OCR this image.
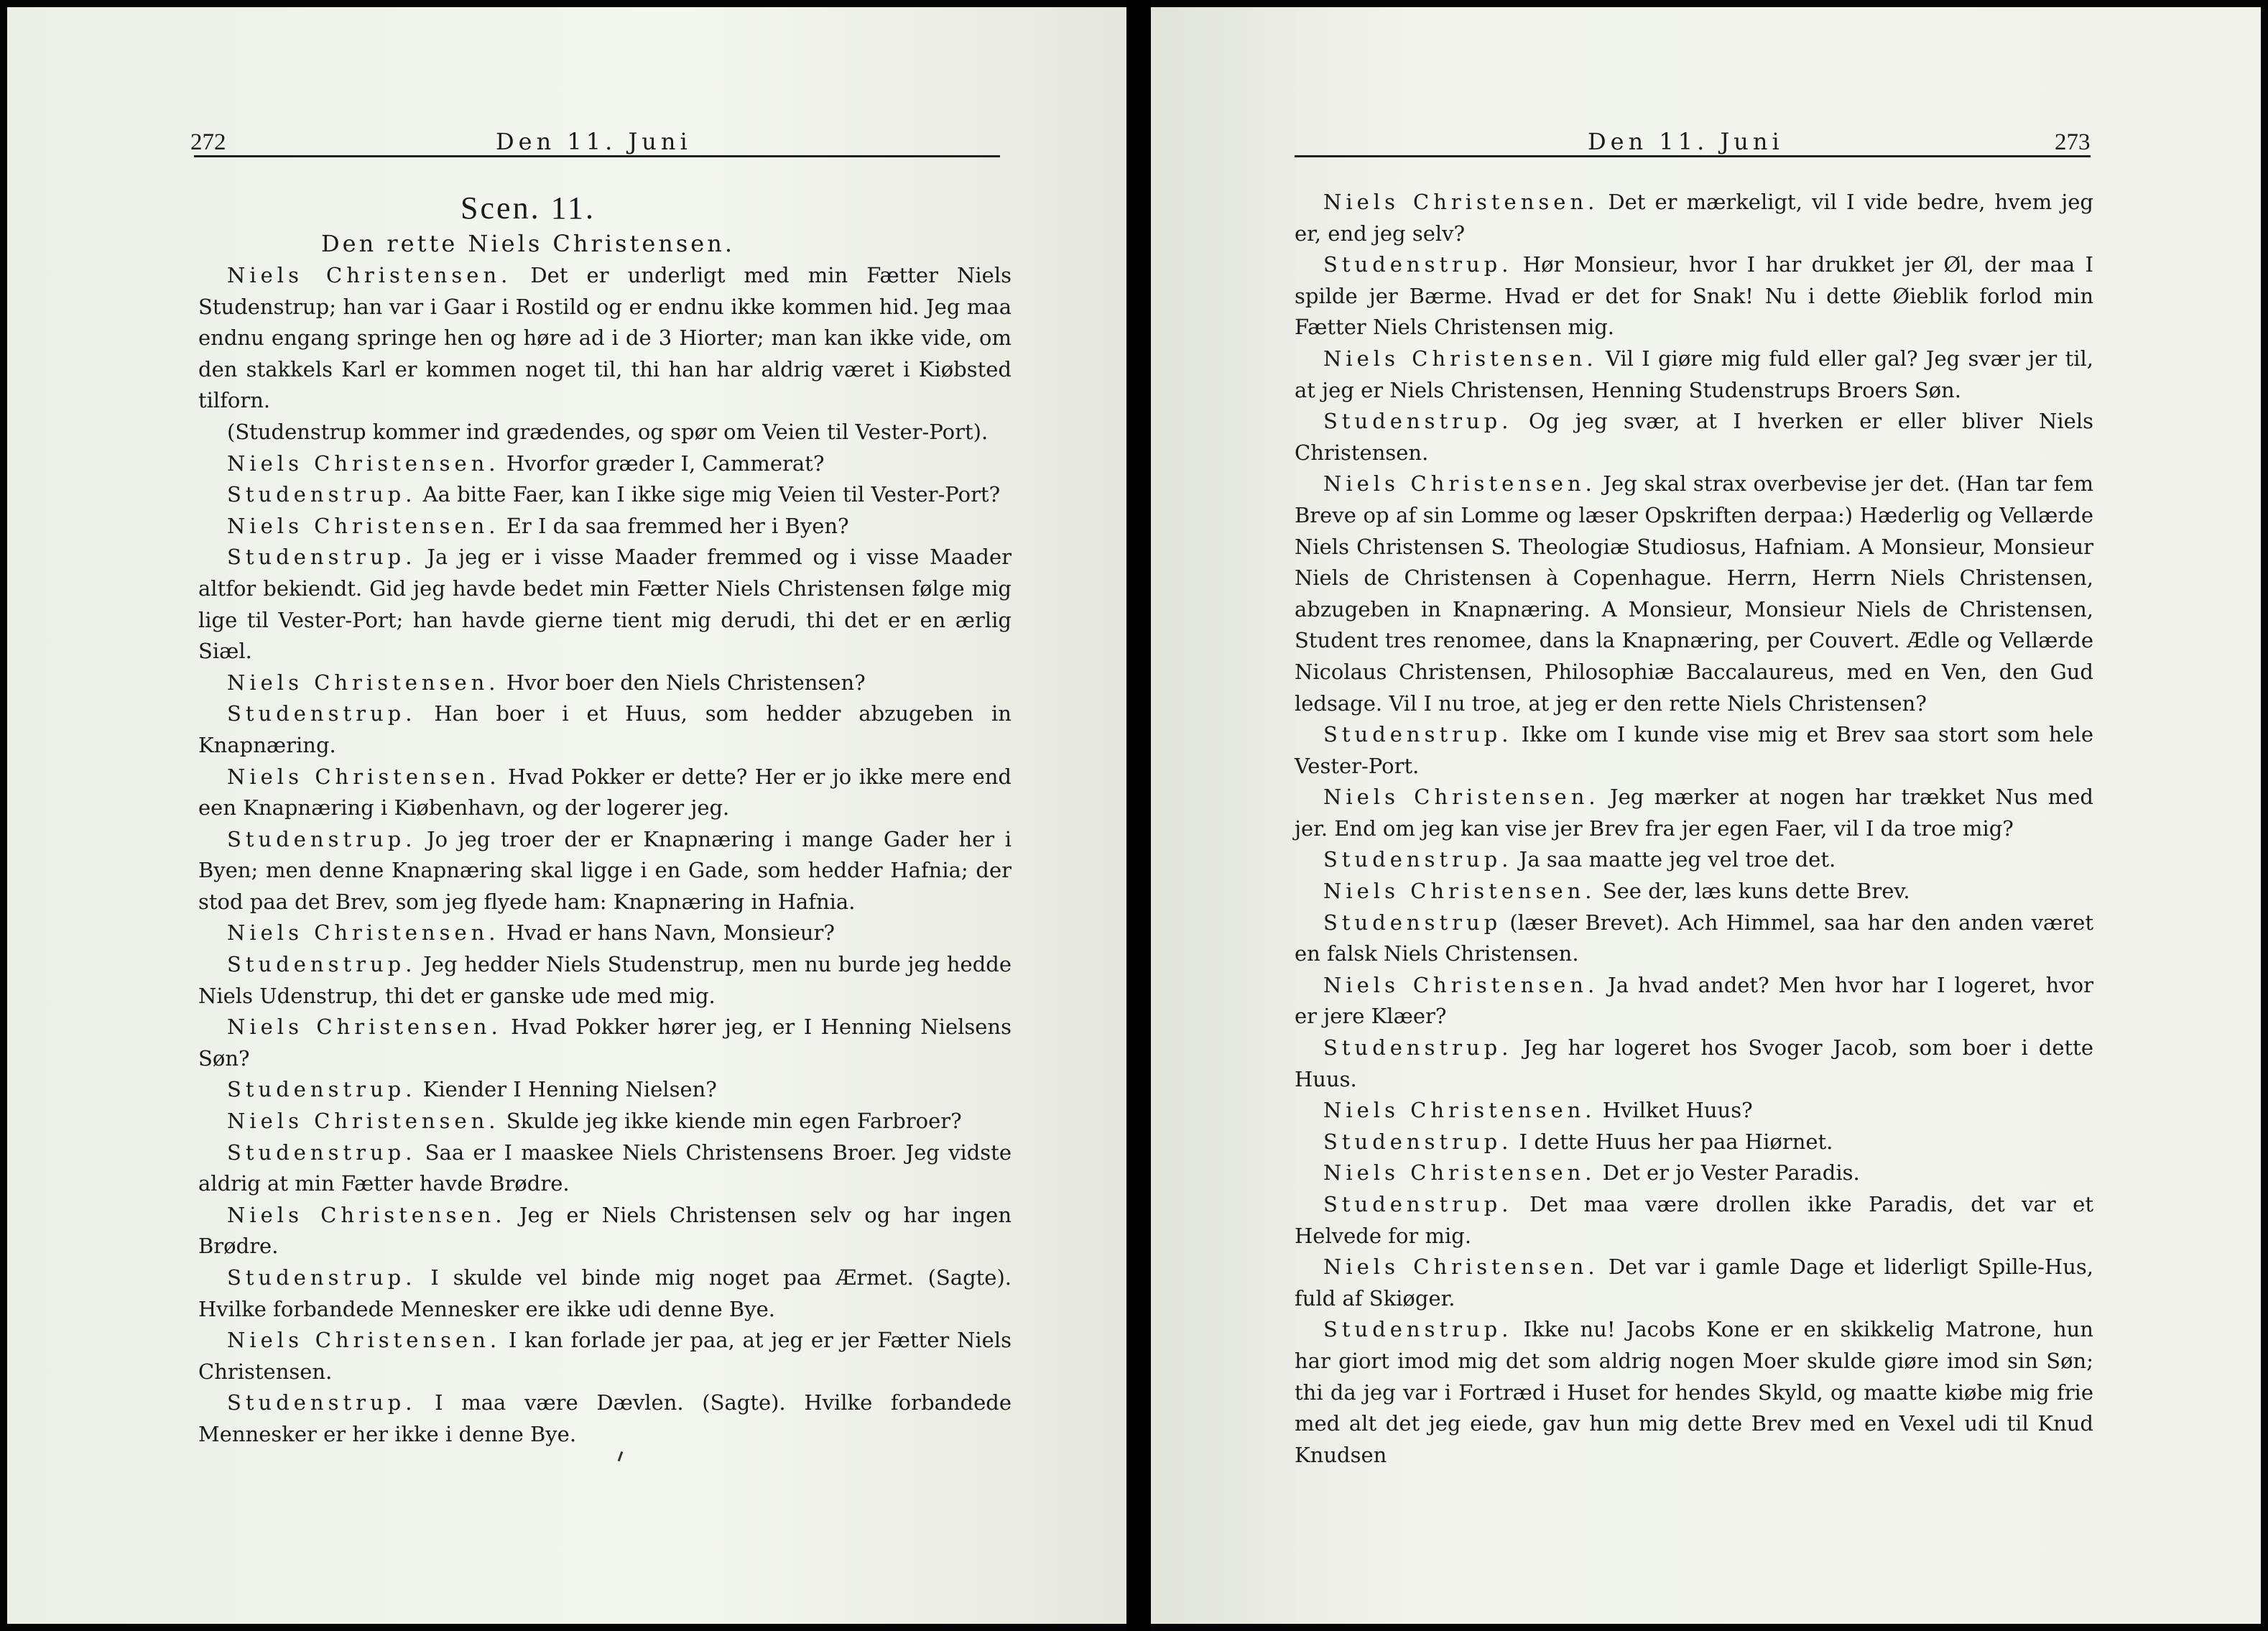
272	Den 11. Juni
Scen. 11.
Den rette Niels Christensen.

Niels Christensen. Det er underligt med min Fætter Niels Studenstrup; han var i Gaar i Rostild og er endnu ikke kommen hid. Jeg maa endnu engang springe hen og høre ad i de 3 Hiorter; man kan ikke vide, om den stakkels Karl er kommen noget til, thi han har aldrig været i Kiøbsted tilforn.

(Studenstrup kommer ind grædendes, og spør om Veien til Vester-Port).

Niels Christensen. Hvorfor græder I, Cammerat?

Studenstrup. Aa bitte Faer, kan I ikke sige mig Veien til Vester-Port?

Niels Christensen. Er I da saa fremmed her i Byen?

Studenstrup. Ja jeg er i visse Maader fremmed og i visse Maader altfor bekiendt. Gid jeg havde bedet min Fætter Niels Christensen følge mig lige til Vester-Port; han havde gierne tient mig derudi, thi det er en ærlig Siæl.

Niels Christensen. Hvor boer den Niels Christensen?

Studenstrup. Han boer i et Huus, som hedder abzugeben in Knapnæring.

Niels Christensen. Hvad Pokker er dette? Her er jo ikke mere end een Knapnæring i Kiøbenhavn, og der logerer jeg.

Studenstrup. Jo jeg troer der er Knapnæring i mange Gader her i Byen; men denne Knapnæring skal ligge i en Gade, som hedder Hafnia; der stod paa det Brev, som jeg flyede ham: Knapnæring in Hafnia.

Niels Christensen. Hvad er hans Navn, Monsieur?

Studenstrup. Jeg hedder Niels Studenstrup, men nu burde jeg hedde Niels Udenstrup, thi det er ganske ude med mig.

Niels Christensen. Hvad Pokker hører jeg, er I Henning Nielsens Søn?

Studenstrup. Kiender I Henning Nielsen?

Niels Christensen. Skulde jeg ikke kiende min egen Farbroer?

Studenstrup. Saa er I maaskee Niels Christensens Broer. Jeg vidste aldrig at min Fætter havde Brødre.

Niels Christensen. Jeg er Niels Christensen selv og har ingen Brødre.

Studenstrup. I skulde vel binde mig noget paa Ærmet. (Sagte). Hvilke forbandede Mennesker ere ikke udi denne Bye.

Niels Christensen. I kan forlade jer paa, at jeg er jer Fætter Niels Christensen.

Studenstrup. I maa være Dævlen. (Sagte). Hvilke forbandede Mennesker er her ikke i denne Bye.

Den 11. Juni	273

Niels Christensen. Det er mærkeligt, vil I vide bedre, hvem jeg er, end jeg selv?

Studenstrup. Hør Monsieur, hvor I har drukket jer Øl, der maa I spilde jer Bærme. Hvad er det for Snak! Nu i dette Øieblik forlod min Fætter Niels Christensen mig.

Niels Christensen. Vil I giøre mig fuld eller gal? Jeg svær jer til, at jeg er Niels Christensen, Henning Studenstrups Broers Søn.

Studenstrup. Og jeg svær, at I hverken er eller bliver Niels Christensen.

Niels Christensen. Jeg skal strax overbevise jer det. (Han tar fem Breve op af sin Lomme og læser Opskriften derpaa:) Hæderlig og Vellærde Niels Christensen S. Theologiæ Studiosus, Hafniam. A Monsieur, Monsieur Niels de Christensen à Copenhague. Herrn, Herrn Niels Christensen, abzugeben in Knapnæring. A Monsieur, Monsieur Niels de Christensen, Student tres renomee, dans la Knapnæring, per Couvert. Ædle og Vellærde Nicolaus Christensen, Philosophiæ Baccalaureus, med en Ven, den Gud ledsage. Vil I nu troe, at jeg er den rette Niels Christensen?

Studenstrup. Ikke om I kunde vise mig et Brev saa stort som hele Vester-Port.

Niels Christensen. Jeg mærker at nogen har trækket Nus med jer. End om jeg kan vise jer Brev fra jer egen Faer, vil I da troe mig?

Studenstrup. Ja saa maatte jeg vel troe det.

Niels Christensen. See der, læs kuns dette Brev.

Studenstrup (læser Brevet). Ach Himmel, saa har den anden været en falsk Niels Christensen.

Niels Christensen. Ja hvad andet? Men hvor har I logeret, hvor er jere Klæer?

Studenstrup. Jeg har logeret hos Svoger Jacob, som boer i dette Huus.

Niels Christensen. Hvilket Huus?

Studenstrup. I dette Huus her paa Hiørnet.

Niels Christensen. Det er jo Vester Paradis.

Studenstrup. Det maa være drollen ikke Paradis, det var et Helvede for mig.

Niels Christensen. Det var i gamle Dage et liderligt Spille-Hus, fuld af Skiøger.

Studenstrup. Ikke nu! Jacobs Kone er en skikkelig Matrone, hun har giort imod mig det som aldrig nogen Moer skulde giøre imod sin Søn; thi da jeg var i Fortræd i Huset for hendes Skyld, og maatte kiøbe mig frie med alt det jeg eiede, gav hun mig dette Brev med en Vexel udi til Knud Knudsen
